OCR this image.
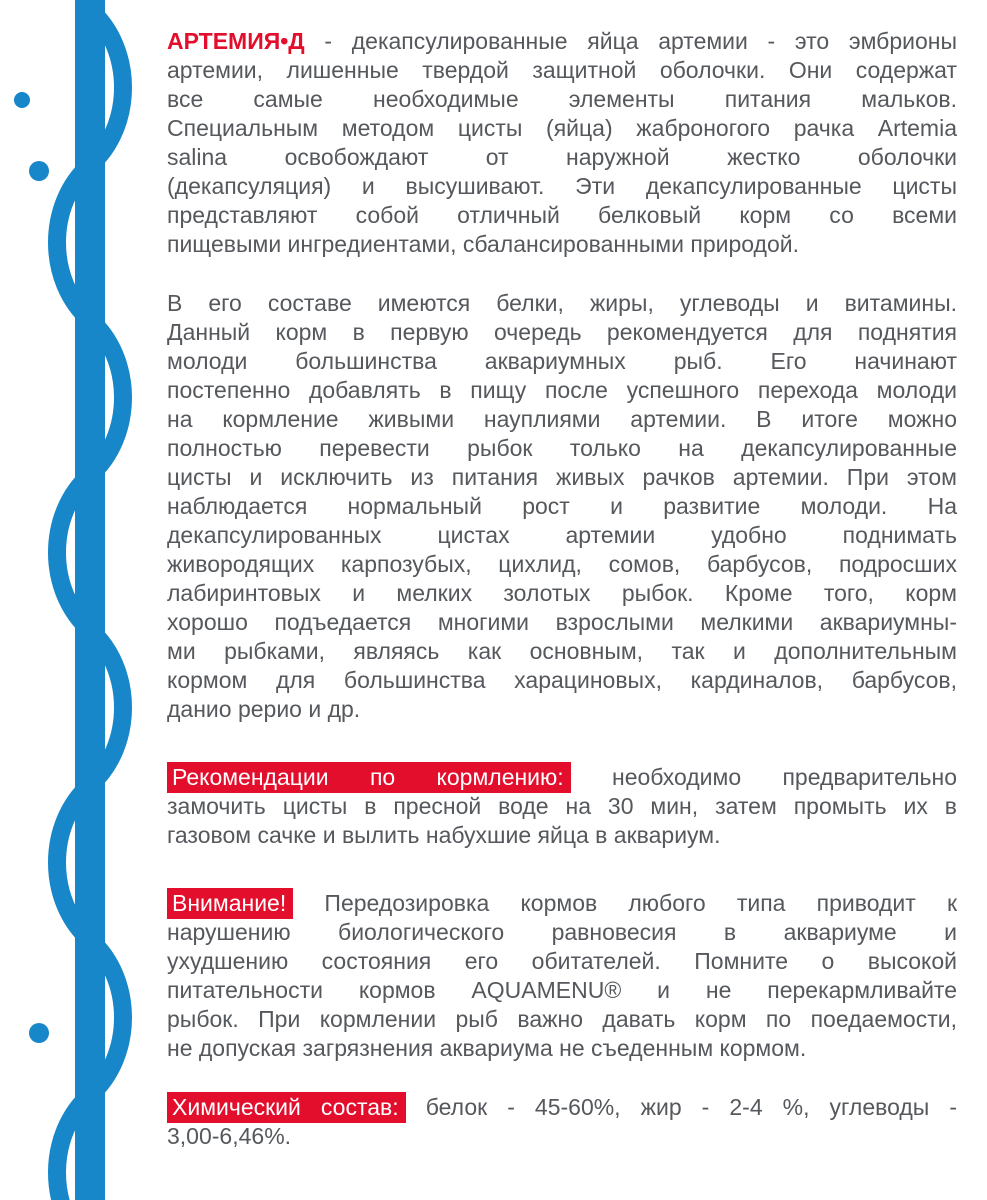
АРТЕМИЯ•Д - декапсулированные яйца артемии - это эмбрионы
артемии, лишенные твердой защитной оболочки. Они содержат
все самые необходимые элементы питания мальков.
Специальным методом цисты (яйца) жаброногого рачка Artemia
salina освобождают от наружной жестко оболочки
(декапсуляция) и высушивают. Эти декапсулированные цисты
представляют собой отличный белковый корм со всеми
пищевыми ингредиентами, сбалансированными природой.
В его составе имеются белки, жиры, углеводы и витамины.
Данный корм в первую очередь рекомендуется для поднятия
молоди большинства аквариумных рыб. Его начинают
постепенно добавлять в пищу после успешного перехода молоди
на кормление живыми науплиями артемии. В итоге можно
полностью перевести рыбок только на декапсулированные
цисты и исключить из питания живых рачков артемии. При этом
наблюдается нормальный рост и развитие молоди. На
декапсулированных цистах артемии удобно поднимать
живородящих карпозубых, цихлид, сомов, барбусов, подросших
лабиринтовых и мелких золотых рыбок. Кроме того, корм
хорошо подъедается многими взрослыми мелкими аквариумны-
ми рыбками, являясь как основным, так и дополнительным
кормом для большинства харациновых, кардиналов, барбусов,
данио рерио и др.
Рекомендации по кормлению: необходимо предварительно
замочить цисты в пресной воде на 30 мин, затем промыть их в
газовом сачке и вылить набухшие яйца в аквариум.
Внимание! Передозировка кормов любого типа приводит к
нарушению биологического равновесия в аквариуме и
ухудшению состояния его обитателей. Помните о высокой
питательности кормов AQUAMENU® и не перекармливайте
рыбок. При кормлении рыб важно давать корм по поедаемости,
не допуская загрязнения аквариума не съеденным кормом.
Химический состав: белок - 45-60%, жир - 2-4 %, углеводы -
3,00-6,46%.
